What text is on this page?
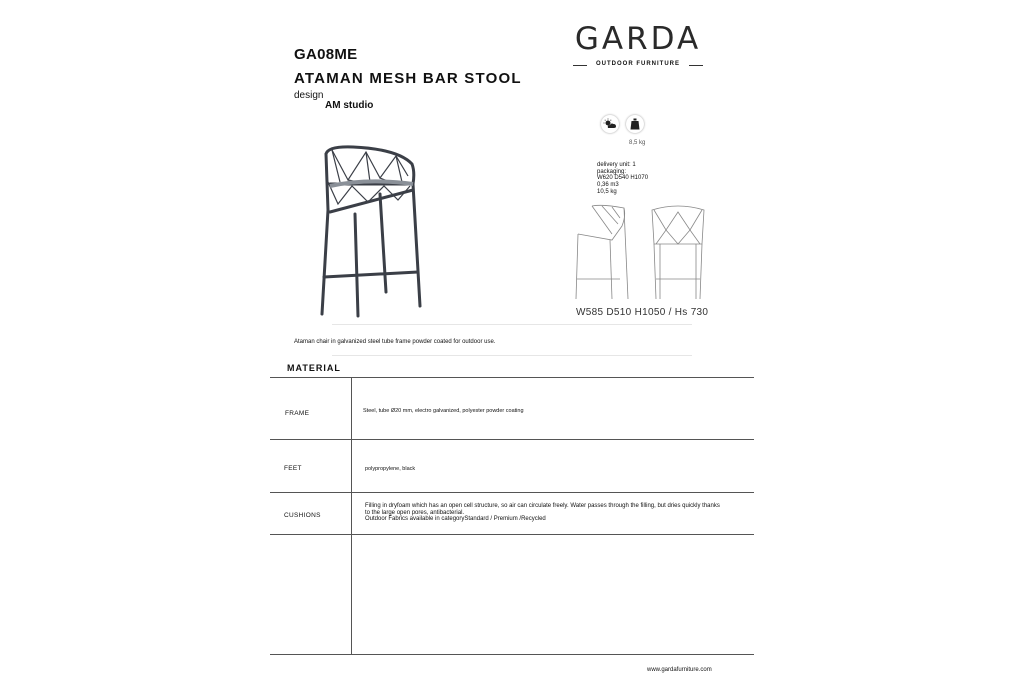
GA08ME
ATAMAN MESH BAR STOOL
design
AM studio
GARDA
OUTDOOR FURNITURE
8,5 kg
delivery unit: 1
packaging:
W620 D540 H1070
0,36 m3
10,5 kg
W585 D510 H1050 / Hs 730
Ataman chair in galvanized steel tube frame powder coated for outdoor use.
MATERIAL
FRAME	Steel, tube Ø20 mm, electro galvanized, polyester powder coating
FEET	polypropylene, black
CUSHIONS
Filling in dryfoam which has an open cell structure, so air can circulate freely. Water passes through the filling, but dries quickly thanks to the large open pores, antibacterial.
Outdoor Fabrics available in categoryStandard / Premium /Recycled
www.gardafurniture.com
